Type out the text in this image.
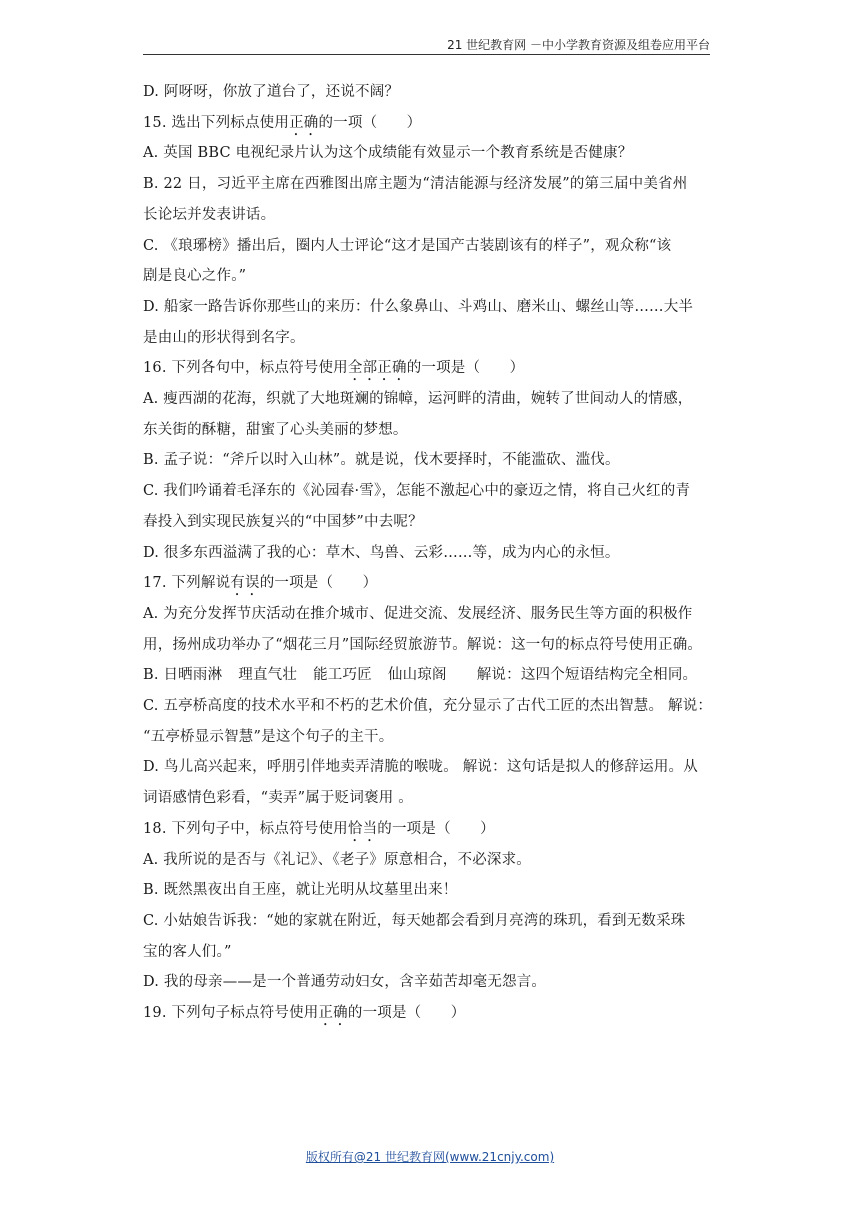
21 世纪教育网 －中小学教育资源及组卷应用平台
D. 阿呀呀，你放了道台了，还说不阔？
15. 选出下列标点使用正确的一项（　　）
A. 英国 BBC 电视纪录片认为这个成绩能有效显示一个教育系统是否健康？
B. 22 日，习近平主席在西雅图出席主题为“清洁能源与经济发展”的第三届中美省州
长论坛并发表讲话。
C. 《琅琊榜》播出后，圈内人士评论“这才是国产古装剧该有的样子”，观众称“该
剧是良心之作。”
D. 船家一路告诉你那些山的来历：什么象鼻山、斗鸡山、磨米山、螺丝山等……大半
是由山的形状得到名字。
16. 下列各句中，标点符号使用全部正确的一项是（　　）
A. 瘦西湖的花海，织就了大地斑斓的锦幛，运河畔的清曲，婉转了世间动人的情感，
东关街的酥糖，甜蜜了心头美丽的梦想。
B. 孟子说：“斧斤以时入山林”。就是说，伐木要择时，不能滥砍、滥伐。
C. 我们吟诵着毛泽东的《沁园春·雪》，怎能不激起心中的豪迈之情，将自己火红的青
春投入到实现民族复兴的“中国梦”中去呢？
D. 很多东西溢满了我的心：草木、鸟兽、云彩……等，成为内心的永恒。
17. 下列解说有误的一项是（　　）
A. 为充分发挥节庆活动在推介城市、促进交流、发展经济、服务民生等方面的积极作
用，扬州成功举办了“烟花三月”国际经贸旅游节。解说：这一句的标点符号使用正确。
B. 日晒雨淋 理直气壮 能工巧匠 仙山琼阁 解说：这四个短语结构完全相同。
C. 五亭桥高度的技术水平和不朽的艺术价值，充分显示了古代工匠的杰出智慧。 解说：
“五亭桥显示智慧”是这个句子的主干。
D. 鸟儿高兴起来，呼朋引伴地卖弄清脆的喉咙。 解说：这句话是拟人的修辞运用。从
词语感情色彩看，“卖弄”属于贬词褒用 。
18. 下列句子中，标点符号使用恰当的一项是（　　）
A. 我所说的是否与《礼记》、《老子》原意相合，不必深求。
B. 既然黑夜出自王座，就让光明从坟墓里出来！
C. 小姑娘告诉我：“她的家就在附近，每天她都会看到月亮湾的珠玑，看到无数采珠
宝的客人们。”
D. 我的母亲——是一个普通劳动妇女，含辛茹苦却毫无怨言。
19. 下列句子标点符号使用正确的一项是（　　）
版权所有@21 世纪教育网(www.21cnjy.com)
